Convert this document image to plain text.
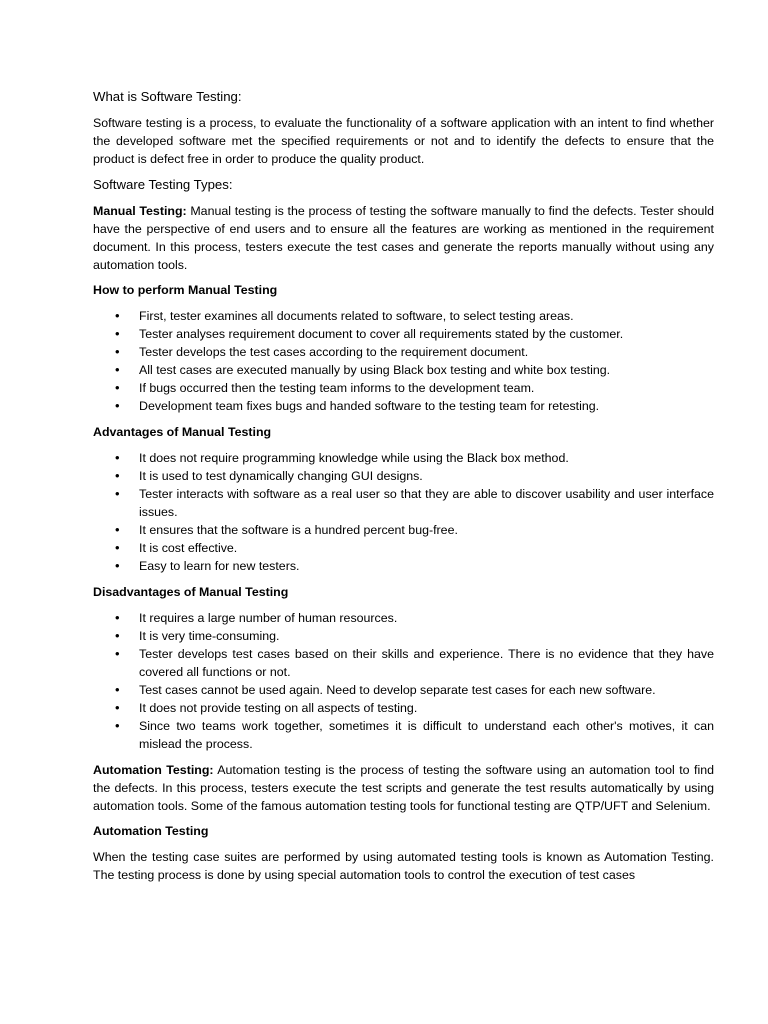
What is Software Testing:

Software testing is a process, to evaluate the functionality of a software application with an intent to find whether the developed software met the specified requirements or not and to identify the defects to ensure that the product is defect free in order to produce the quality product.

Software Testing Types:

Manual Testing: Manual testing is the process of testing the software manually to find the defects. Tester should have the perspective of end users and to ensure all the features are working as mentioned in the requirement document. In this process, testers execute the test cases and generate the reports manually without using any automation tools.

How to perform Manual Testing
• First, tester examines all documents related to software, to select testing areas.
• Tester analyses requirement document to cover all requirements stated by the customer.
• Tester develops the test cases according to the requirement document.
• All test cases are executed manually by using Black box testing and white box testing.
• If bugs occurred then the testing team informs to the development team.
• Development team fixes bugs and handed software to the testing team for retesting.
Advantages of Manual Testing
• It does not require programming knowledge while using the Black box method.
• It is used to test dynamically changing GUI designs.
• Tester interacts with software as a real user so that they are able to discover usability and user interface issues.
• It ensures that the software is a hundred percent bug-free.
• It is cost effective.
• Easy to learn for new testers.
Disadvantages of Manual Testing
• It requires a large number of human resources.
• It is very time-consuming.
• Tester develops test cases based on their skills and experience. There is no evidence that they have covered all functions or not.
• Test cases cannot be used again. Need to develop separate test cases for each new software.
• It does not provide testing on all aspects of testing.
• Since two teams work together, sometimes it is difficult to understand each other's motives, it can mislead the process.

Automation Testing: Automation testing is the process of testing the software using an automation tool to find the defects. In this process, testers execute the test scripts and generate the test results automatically by using automation tools. Some of the famous automation testing tools for functional testing are QTP/UFT and Selenium.

Automation Testing

When the testing case suites are performed by using automated testing tools is known as Automation Testing. The testing process is done by using special automation tools to control the execution of test cases
